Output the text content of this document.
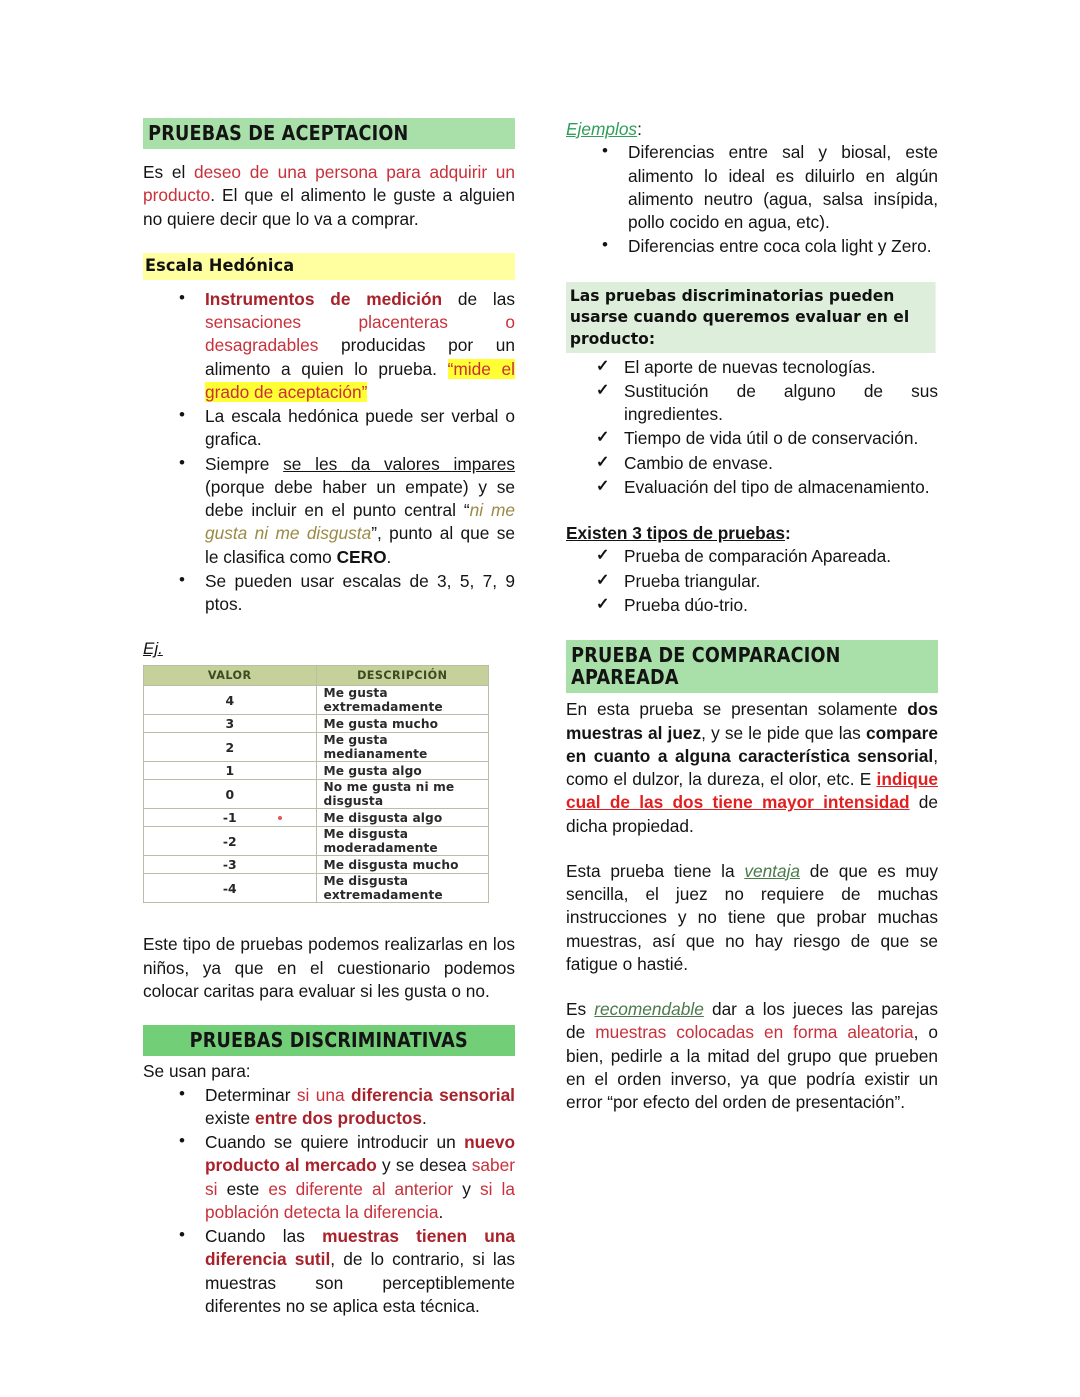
PRUEBAS DE ACEPTACION

Es el deseo de una persona para adquirir un producto. El que el alimento le guste a alguien no quiere decir que lo va a comprar.

Escala Hedónica
• Instrumentos de medición de las sensaciones placenteras o desagradables producidas por un alimento a quien lo prueba. “mide el grado de aceptación”
• La escala hedónica puede ser verbal o grafica.
• Siempre se les da valores impares (porque debe haber un empate) y se debe incluir en el punto central “ni me gusta ni me disgusta”, punto al que se le clasifica como CERO.
• Se pueden usar escalas de 3, 5, 7, 9 ptos.
Ej.
VALOR	DESCRIPCIÓN
4	Me gusta extremadamente
3	Me gusta mucho
2	Me gusta medianamente
1	Me gusta algo
0	No me gusta ni me disgusta
-1	Me disgusta algo
-2	Me disgusta moderadamente
-3	Me disgusta mucho
-4	Me disgusta extremadamente

Este tipo de pruebas podemos realizarlas en los niños, ya que en el cuestionario podemos colocar caritas para evaluar si les gusta o no.

PRUEBAS DISCRIMINATIVAS

Se usan para:

• Determinar si una diferencia sensorial existe entre dos productos.
• Cuando se quiere introducir un nuevo producto al mercado y se desea saber si este es diferente al anterior y si la población detecta la diferencia.
• Cuando las muestras tienen una diferencia sutil, de lo contrario, si las muestras son perceptiblemente diferentes no se aplica esta técnica.

Ejemplos:

• Diferencias entre sal y biosal, este alimento lo ideal es diluirlo en algún alimento neutro (agua, salsa insípida, pollo cocido en agua, etc).
• Diferencias entre coca cola light y Zero.
Las pruebas discriminatorias pueden usarse cuando queremos evaluar en el producto:
✓ El aporte de nuevas tecnologías.
✓ Sustitución de alguno de sus ingredientes.
✓ Tiempo de vida útil o de conservación.
✓ Cambio de envase.
✓ Evaluación del tipo de almacenamiento.

Existen 3 tipos de pruebas:

✓ Prueba de comparación Apareada.
✓ Prueba triangular.
✓ Prueba dúo-trio.
PRUEBA DE COMPARACION APAREADA

En esta prueba se presentan solamente dos muestras al juez, y se le pide que las compare en cuanto a alguna característica sensorial, como el dulzor, la dureza, el olor, etc. E indique cual de las dos tiene mayor intensidad de dicha propiedad.

Esta prueba tiene la ventaja de que es muy sencilla, el juez no requiere de muchas instrucciones y no tiene que probar muchas muestras, así que no hay riesgo de que se fatigue o hastié.

Es recomendable dar a los jueces las parejas de muestras colocadas en forma aleatoria, o bien, pedirle a la mitad del grupo que prueben en el orden inverso, ya que podría existir un error “por efecto del orden de presentación”.
